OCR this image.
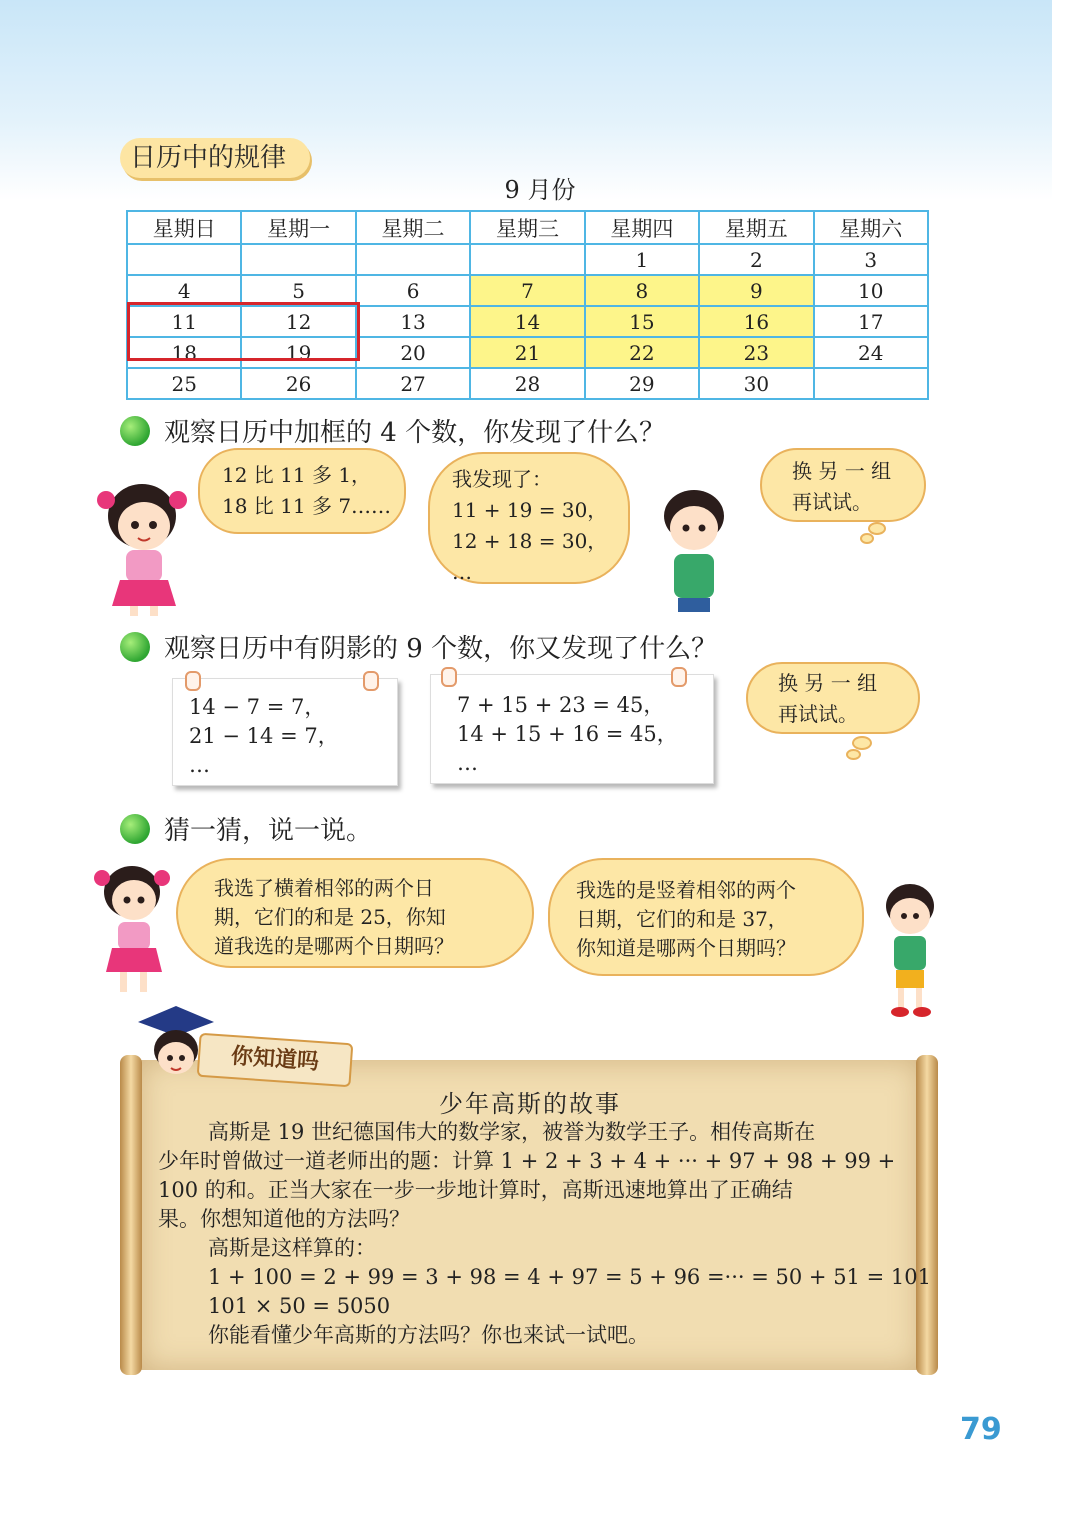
日历中的规律
9 月份
星期日	星期一	星期二	星期三	星期四	星期五	星期六
				1	2	3
4	5	6	7	8	9	10
11	12	13	14	15	16	17
18	19	20	21	22	23	24
25	26	27	28	29	30	
观察日历中加框的 4 个数，你发现了什么？
12 比 11 多 1，
18 比 11 多 7……
我发现了：
11 + 19 = 30，
12 + 18 = 30，
…
换 另 一 组
再试试。
观察日历中有阴影的 9 个数，你又发现了什么？
14 − 7 = 7，
21 − 14 = 7，
…
7 + 15 + 23 = 45，
14 + 15 + 16 = 45，
…
换 另 一 组
再试试。
猜一猜，说一说。
我选了横着相邻的两个日
期，它们的和是 25，你知
道我选的是哪两个日期吗？
我选的是竖着相邻的两个
日期，它们的和是 37，
你知道是哪两个日期吗？
你知道吗
少年高斯的故事
高斯是 19 世纪德国伟大的数学家，被誉为数学王子。相传高斯在
少年时曾做过一道老师出的题：计算 1 + 2 + 3 + 4 + ··· + 97 + 98 + 99 +
100 的和。正当大家在一步一步地计算时，高斯迅速地算出了正确结
果。你想知道他的方法吗？
高斯是这样算的：
1 + 100 = 2 + 99 = 3 + 98 = 4 + 97 = 5 + 96 =··· = 50 + 51 = 101
101 × 50 = 5050
你能看懂少年高斯的方法吗？你也来试一试吧。
79
